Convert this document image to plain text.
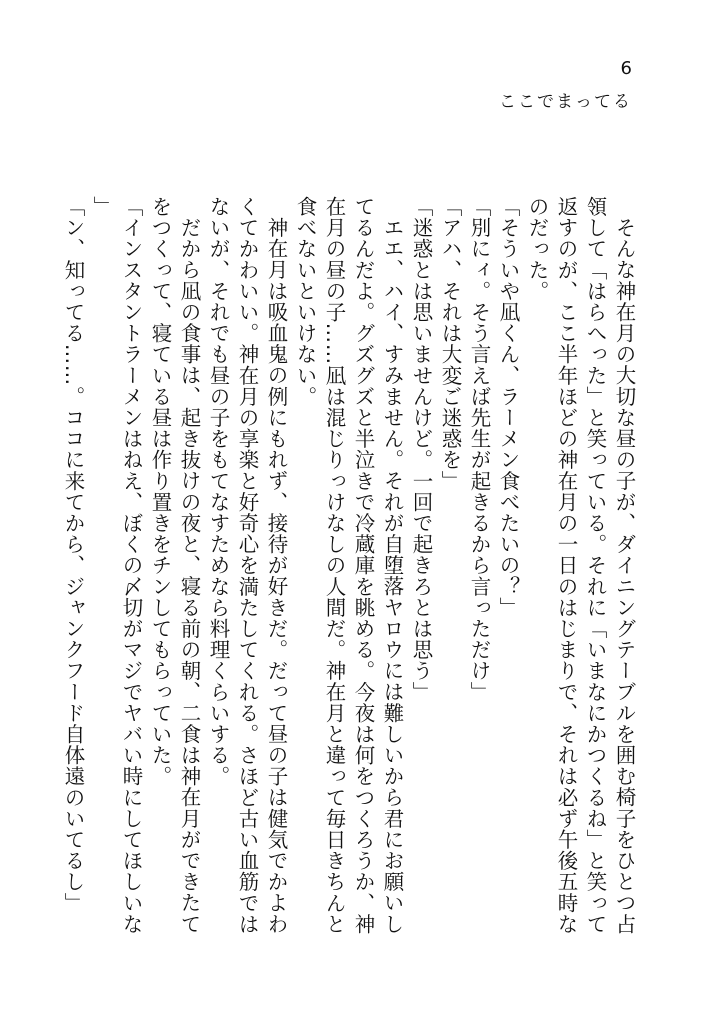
6
ここでまってる

そんな神在月の大切な昼の子が、ダイニングテーブルを囲む椅子をひとつ占領して「はらへった」と笑っている。それに「いまなにかつくるね」と笑って返すのが、ここ半年ほどの神在月の一日のはじまりで、それは必ず午後五時なのだった。

「そういや凪くん、ラーメン食べたいの？」

「別にィ。そう言えば先生が起きるから言っただけ」

「アハ、それは大変ご迷惑を」

「迷惑とは思いませんけど。一回で起きろとは思う」

エエ、ハイ、すみません。それが自堕落ヤロウには難しいから君にお願いしてるんだよ。グズグズと半泣きで冷蔵庫を眺める。今夜は何をつくろうか、神在月の昼の子……凪は混じりっけなしの人間だ。神在月と違って毎日きちんと食べないといけない。

神在月は吸血鬼の例にもれず、接待が好きだ。だって昼の子は健気でかよわくてかわいい。神在月の享楽と好奇心を満たしてくれる。さほど古い血筋ではないが、それでも昼の子をもてなすためなら料理くらいする。

だから凪の食事は、起き抜けの夜と、寝る前の朝、二食は神在月ができたてをつくって、寝ている昼は作り置きをチンしてもらっていた。

「インスタントラーメンはねえ、ぼくの〆切がマジでヤバい時にしてほしいな」

「ン、知ってる……。ココに来てから、ジャンクフード自体遠のいてるし」
